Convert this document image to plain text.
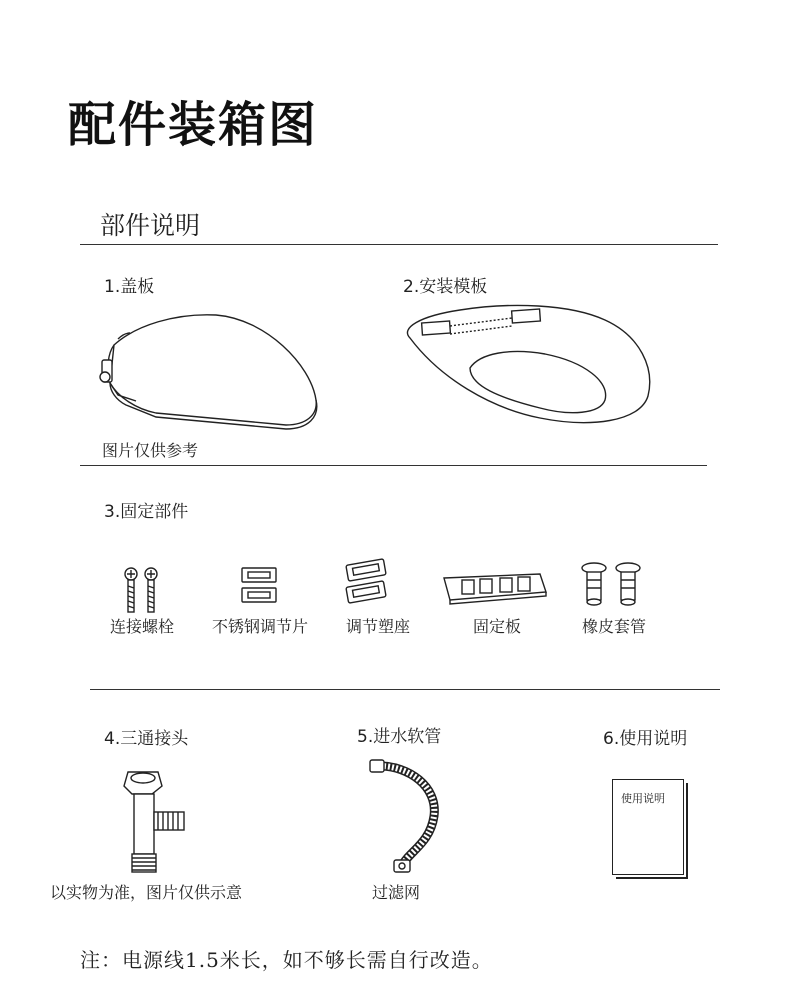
配件装箱图
部件说明
1.盖板
图片仅供参考
2.安装模板
3.固定部件
连接螺栓 不锈钢调节片 调节塑座	固定板	橡皮套管
4.三通接头
以实物为准，图片仅供示意
5.进水软管
过滤网
6.使用说明
使用说明
注：电源线1.5米长，如不够长需自行改造。
